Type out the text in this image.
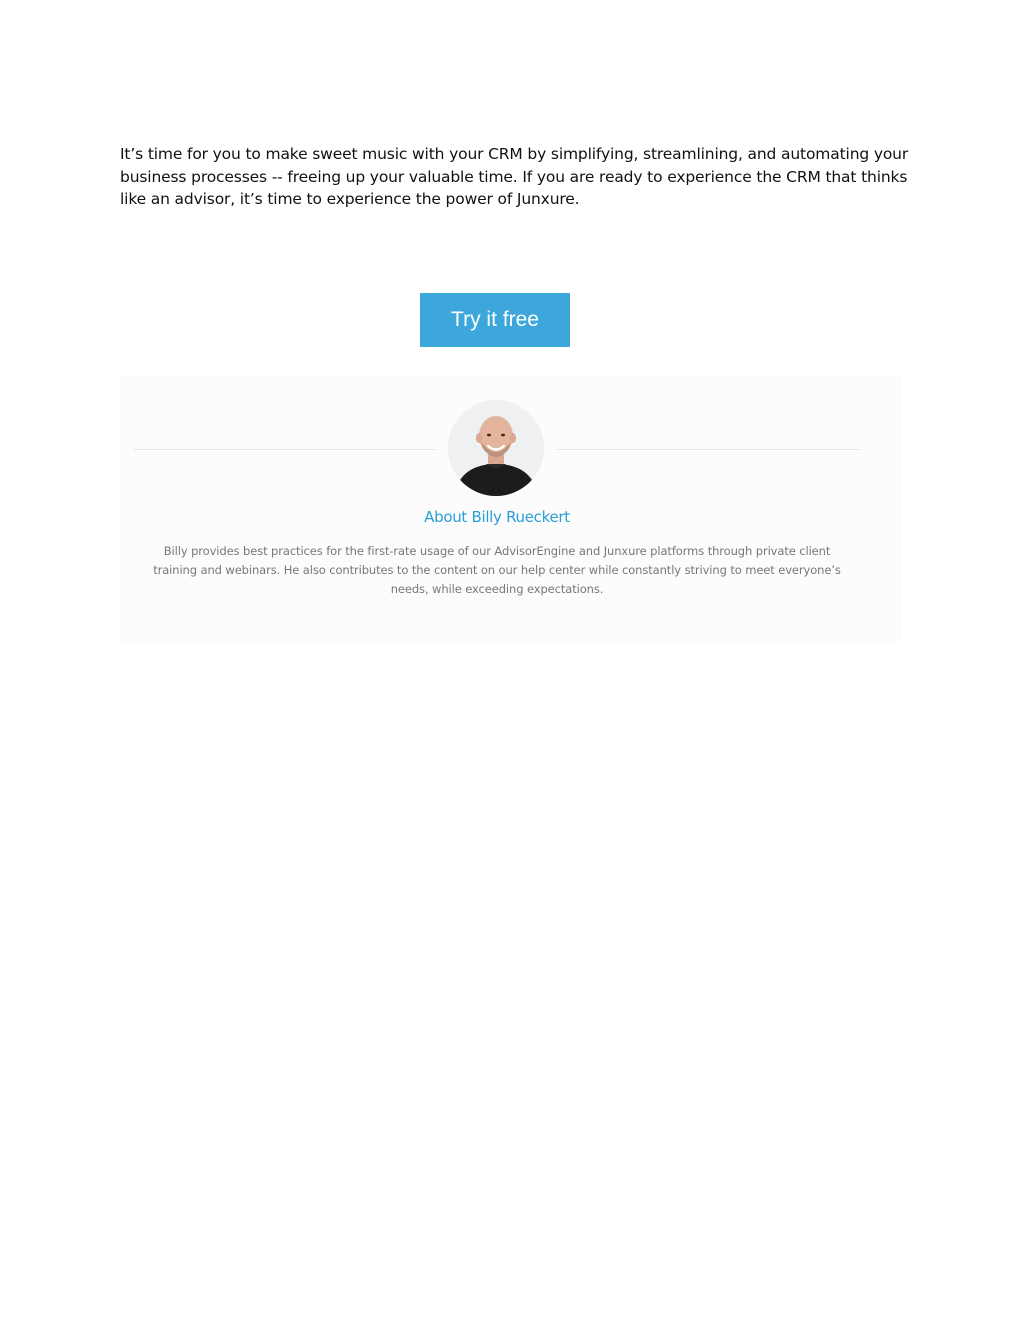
It’s time for you to make sweet music with your CRM by simplifying, streamlining, and automating your business processes -- freeing up your valuable time. If you are ready to experience the CRM that thinks like an advisor, it’s time to experience the power of Junxure.

Try it free
About Billy Rueckert

Billy provides best practices for the first-rate usage of our AdvisorEngine and Junxure platforms through private client training and webinars. He also contributes to the content on our help center while constantly striving to meet everyone’s needs, while exceeding expectations.
